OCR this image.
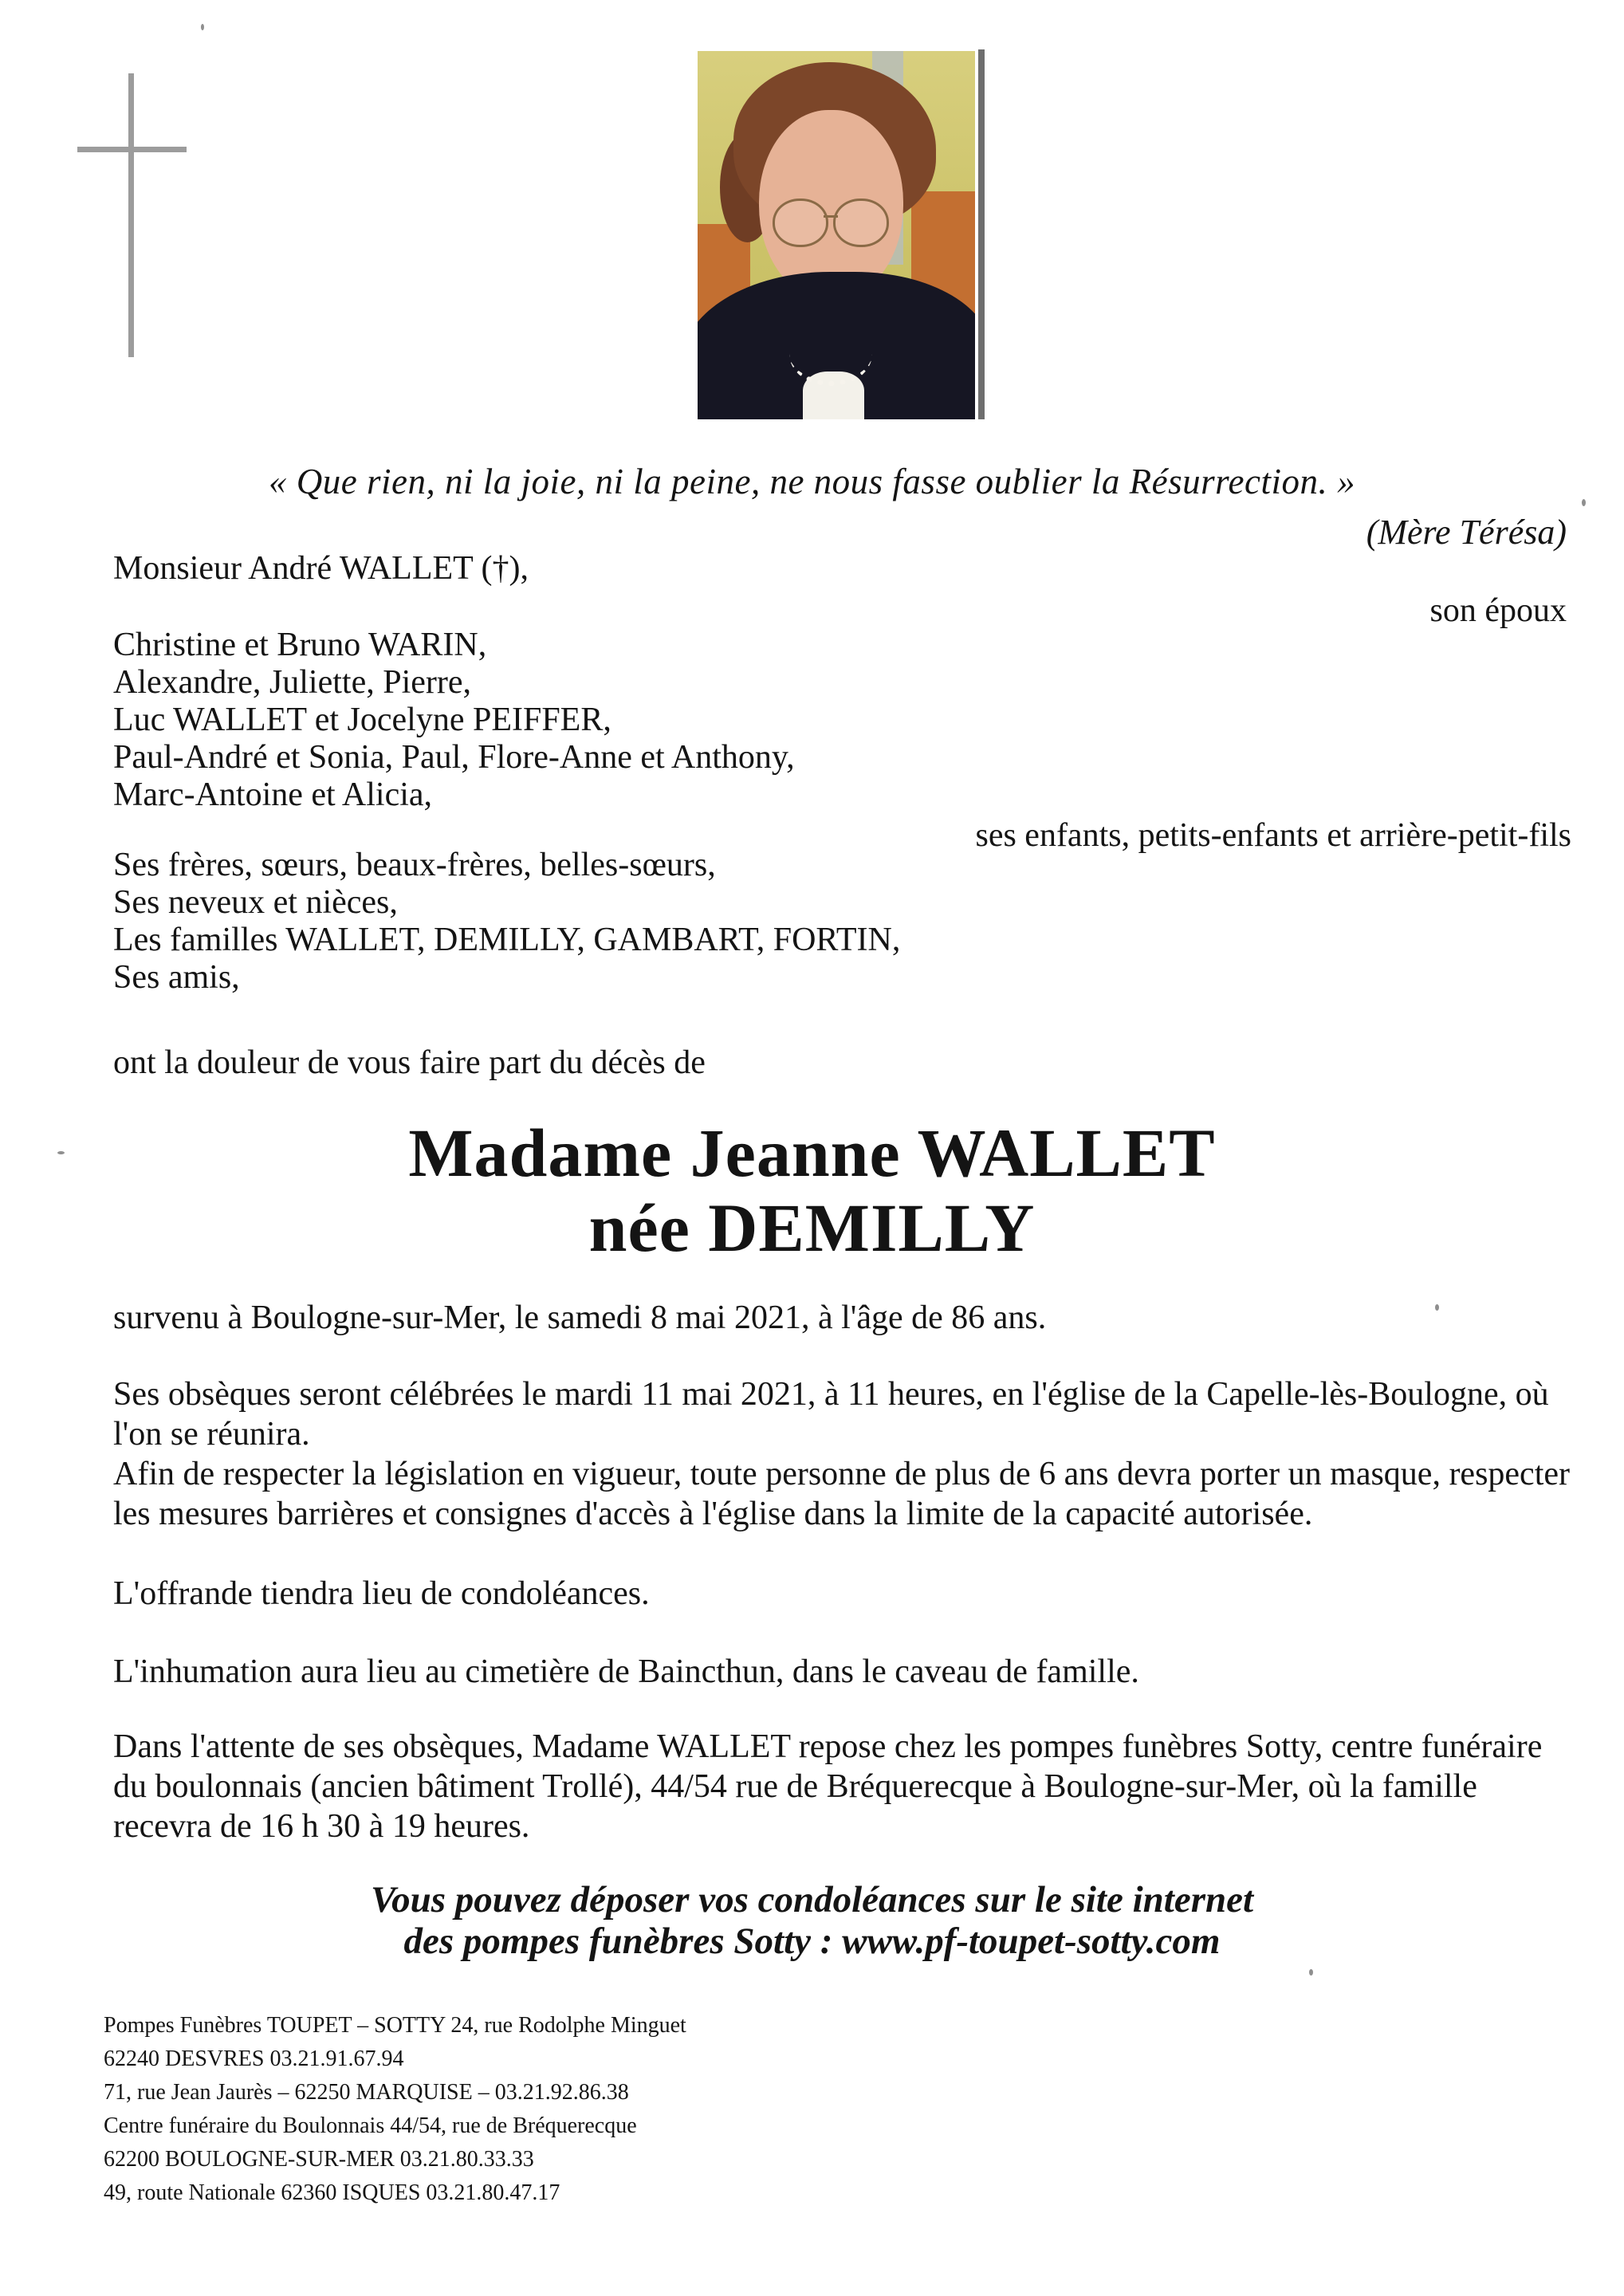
« Que rien, ni la joie, ni la peine, ne nous fasse oublier la Résurrection. »
(Mère Térésa)
Monsieur André WALLET (†),
son époux
Christine et Bruno WARIN,
Alexandre, Juliette, Pierre,
Luc WALLET et Jocelyne PEIFFER,
Paul-André et Sonia, Paul, Flore-Anne et Anthony,
Marc-Antoine et Alicia,
ses enfants, petits-enfants et arrière-petit-fils
Ses frères, sœurs, beaux-frères, belles-sœurs,
Ses neveux et nièces,
Les familles WALLET, DEMILLY, GAMBART, FORTIN,
Ses amis,
ont la douleur de vous faire part du décès de
Madame Jeanne WALLET
née DEMILLY
survenu à Boulogne-sur-Mer, le samedi 8 mai 2021, à l'âge de 86 ans.
Ses obsèques seront célébrées le mardi 11 mai 2021, à 11 heures, en l'église de la Capelle-lès-Boulogne, où
l'on se réunira.
Afin de respecter la législation en vigueur, toute personne de plus de 6 ans devra porter un masque, respecter
les mesures barrières et consignes d'accès à l'église dans la limite de la capacité autorisée.
L'offrande tiendra lieu de condoléances.
L'inhumation aura lieu au cimetière de Baincthun, dans le caveau de famille.
Dans l'attente de ses obsèques, Madame WALLET repose chez les pompes funèbres Sotty, centre funéraire
du boulonnais (ancien bâtiment Trollé), 44/54 rue de Bréquerecque à Boulogne-sur-Mer, où la famille
recevra de 16 h 30 à 19 heures.
Vous pouvez déposer vos condoléances sur le site internet
des pompes funèbres Sotty : www.pf-toupet-sotty.com
Pompes Funèbres TOUPET – SOTTY 24, rue Rodolphe Minguet
62240 DESVRES 03.21.91.67.94
71, rue Jean Jaurès – 62250 MARQUISE – 03.21.92.86.38
Centre funéraire du Boulonnais 44/54, rue de Bréquerecque
62200 BOULOGNE-SUR-MER 03.21.80.33.33
49, route Nationale 62360 ISQUES 03.21.80.47.17
